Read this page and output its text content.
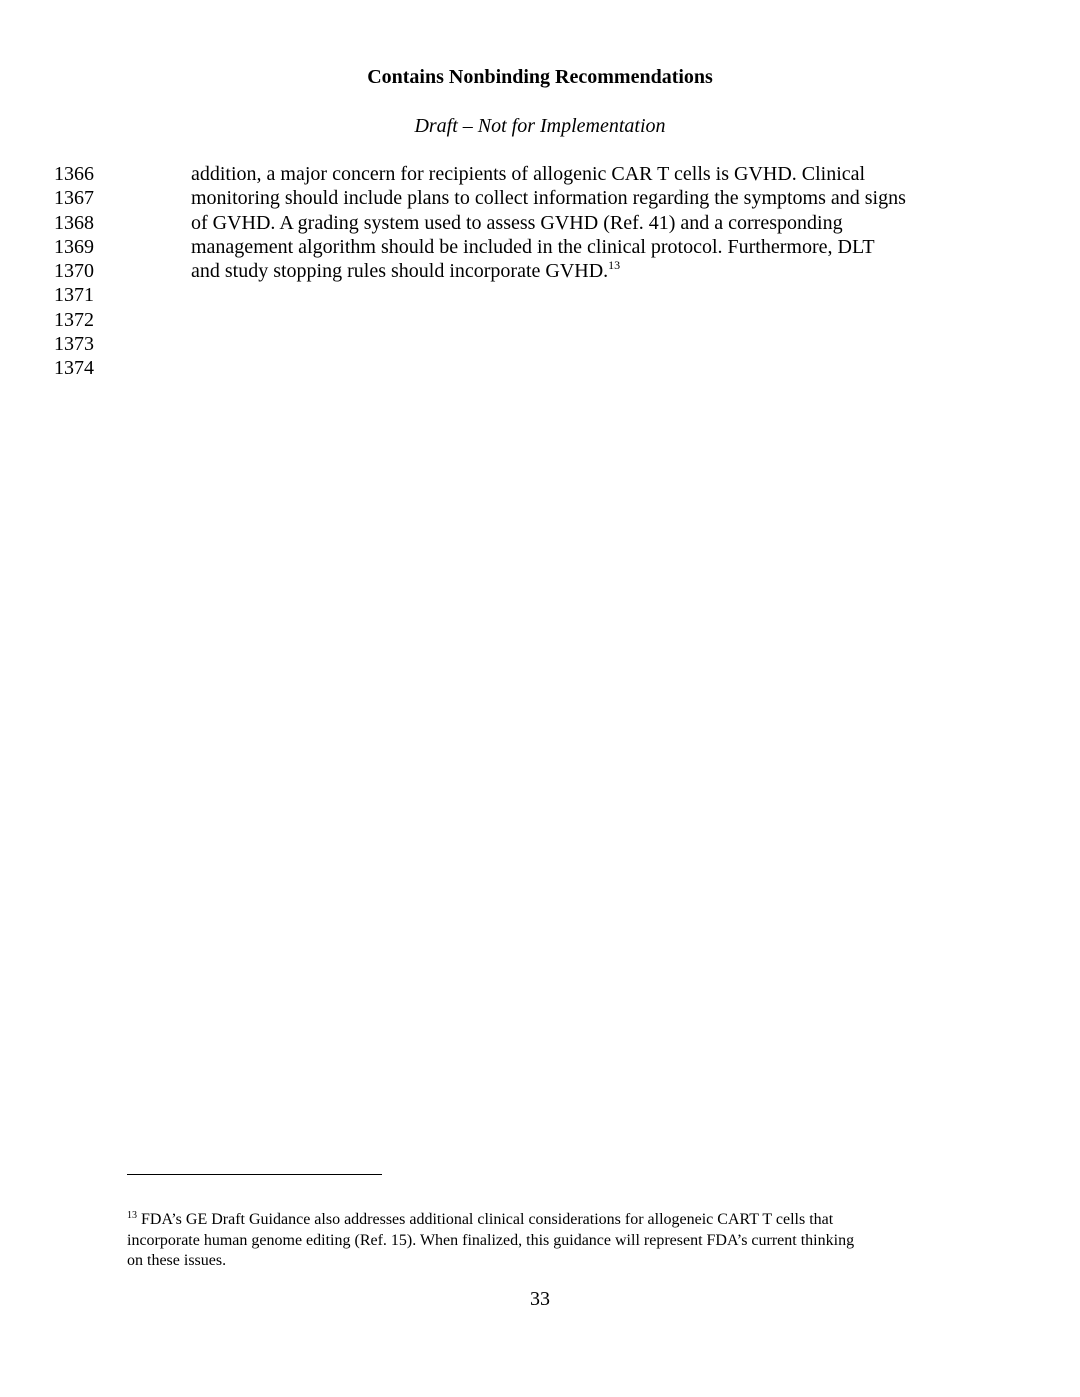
Contains Nonbinding Recommendations
Draft – Not for Implementation
1366
1367
1368
1369
1370
1371
1372
1373
1374
addition, a major concern for recipients of allogenic CAR T cells is GVHD. Clinical
monitoring should include plans to collect information regarding the symptoms and signs
of GVHD. A grading system used to assess GVHD (Ref. 41) and a corresponding
management algorithm should be included in the clinical protocol. Furthermore, DLT
and study stopping rules should incorporate GVHD.$^{13}$
$^{13}$ FDA’s GE Draft Guidance also addresses additional clinical considerations for allogeneic CART T cells that
incorporate human genome editing (Ref. 15). When finalized, this guidance will represent FDA’s current thinking
on these issues.
33
